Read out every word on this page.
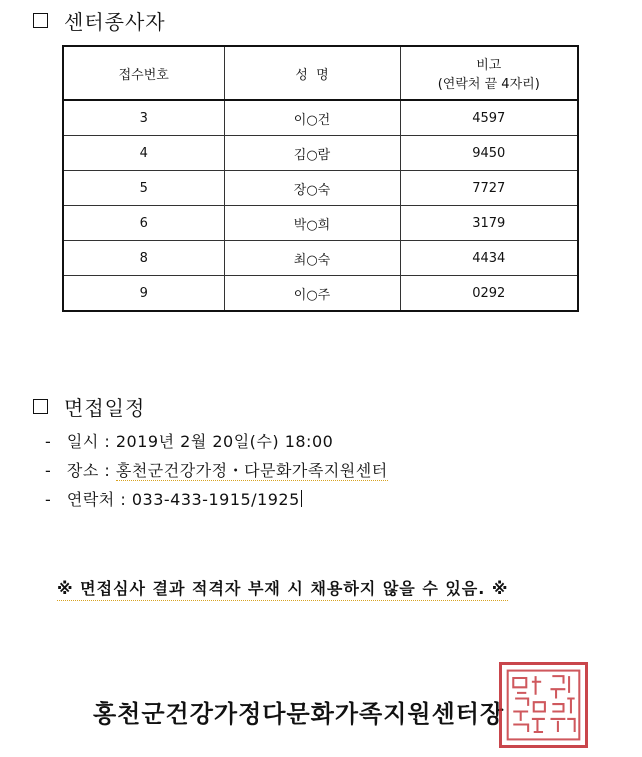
센터종사자
접수번호	성  명	비고
(연락처 끝 4자리)

3	이○건	4597
4	김○람	9450
5	장○숙	7727
6	박○희	3179
8	최○숙	4434
9	이○주	0292
면접일정
- 일시 : 2019년 2월 20일(수) 18:00
- 장소 : 홍천군건강가정・다문화가족지원센터
- 연락처 : 033-433-1915/1925
※ 면접심사 결과 적격자 부재 시 채용하지 않을 수 있음. ※
홍천군건강가정다문화가족지원센터장
